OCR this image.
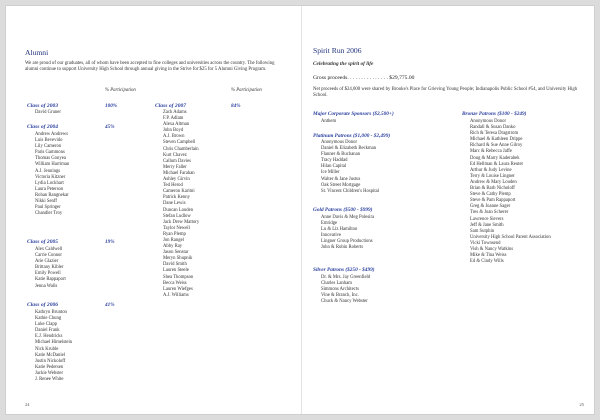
Alumni
We are proud of our graduates, all of whom have been accepted to fine colleges and universities across the country. The following alumni continue to support University High School through annual giving in the Strive for $25 for 5 Alumni Giving Program.
% Participation	% Participation
Class of 2003	100%
David Gruner
Class of 2004	45%
Andrew Andrews
Luis Bevevido
Lily Cameron
Paris Gammons
Thomas Gonyea
William Harriman
A.J. Jennings
Victoria Kitzner
Lydia Lockhart
Laura Peterson
Rohan Rangnekar
Nikki Senff
Paul Springer
Chandler Troy
Class of 2005	19%
Alex Caldwell
Carrie Connor
Arie Glazier
Brittany Kibler
Emily Powell
Katie Rappaport
Jenna Walls
Class of 2006	41%
Kathryn Brunton
Kathie Chung
Luke Clapp
Daniel Frank
E.J. Hendricks
Michael Himelstein
Nick Kruble
Katie McDaniel
Justin Nickoloff
Katie Pedersen
Jackie Webster
J. Renee White
Class of 2007	84%
Zach Adams
F.P. Adlam
Alexa Altman
John Boyd
A.J. Brown
Steven Campbell
Chris Chamberlain
Kurt Chavez
Callum Davies
Merry Faller
Michael Farahan
Ashley Girvin
Ted Herod
Cameron Karimi
Patrick Kenny
Dane Lewis
Duncan Louden
Stefan Ludlow
Jack Drew Mattory
Taylor Newell
Ryan Plemp
Jon Rangel
Abby Ray
Jason Senstar
Meryn Shupnik
David Smith
Lauren Steele
Shea Thompson
Becca Weiss
Lauren Wiefges
A.J. Williams
24
Spirit Run 2006
Celebrating the spirit of life
Gross proceeds. . . . . . . . . . . . . . . $29,775.00
Net proceeds of $24,000 were shared by Brooke's Place for Grieving Young People; Indianapolis Public School #54, and University High School.
Major Corporate Sponsors ($2,500+)
Anthem
Platinum Patrons ($1,000 - $2,499)
Anonymous Donor
Daniel & Elizabeth Beckman
Flanner & Buchanan
Tracy Haddad
Hilan Capital
Ice Miller
Walter & Jane Justus
Oak Street Mortgage
St. Vincent Children's Hospital
Gold Patrons ($500 - $999)
Anne Davis & Meg Polesira
Emridge
Lu & Liz Hamilton
Innovative
Lingner Group Productions
John & Robin Roberts
Silver Patrons ($250 - $499)
Dr. & Mrs. Jay Greenfield
Charles Lanham
Simmons Architects
Vine & Branch, Inc.
Chuck & Nancy Webster
Bronze Patrons ($100 - $249)
Anonymous Donor
Randall & Susan Danko
Rich & Teresa Dragstrom
Michael & Kathleen Drippe
Richard & Sue Anne Gilroy
Marc & Rebecca Jaffe
Doug & Marry Kaderabek
Ed Hellman & Laura Reuter
Arthur & Judy Levine
Terry & Louise Lingner
Andrew & Mary Louden
Brian & Barb Nicholoff
Steve & Cathy Plemp
Steve & Pam Rappaport
Greg & Joanne Sager
Tres & Joan Scherer
Lawrence Sievers
Jeff & Jane Smith
Sam Sutphin
University High School Parent Association
Vicki Townsend
Vish & Nancy Watkins
Mike & Tina Weiss
Ed & Cindy Wills
25
